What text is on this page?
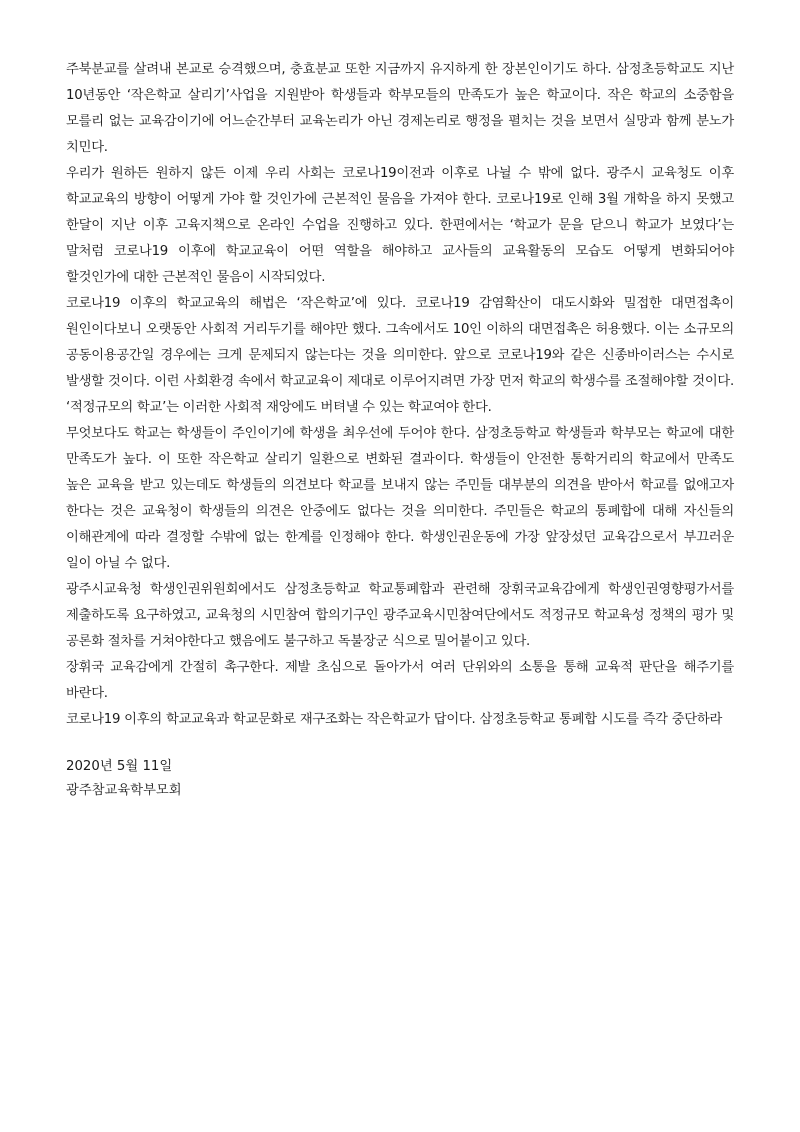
주북분교를 살려내 본교로 승격했으며, 충효분교 또한 지금까지 유지하게 한 장본인이기도 하다. 삼정초등학교도 지난 10년동안 ‘작은학교 살리기’사업을 지원받아 학생들과 학부모들의 만족도가 높은 학교이다. 작은 학교의 소중함을 모를리 없는 교육감이기에 어느순간부터 교육논리가 아닌 경제논리로 행정을 펼치는 것을 보면서 실망과 함께 분노가 치민다.

우리가 원하든 원하지 않든 이제 우리 사회는 코로나19이전과 이후로 나뉠 수 밖에 없다. 광주시 교육청도 이후 학교교육의 방향이 어떻게 가야 할 것인가에 근본적인 물음을 가져야 한다. 코로나19로 인해 3월 개학을 하지 못했고 한달이 지난 이후 고육지책으로 온라인 수업을 진행하고 있다. 한편에서는 ‘학교가 문을 닫으니 학교가 보였다’는 말처럼 코로나19 이후에 학교교육이 어떤 역할을 해야하고 교사들의 교육활동의 모습도 어떻게 변화되어야 할것인가에 대한 근본적인 물음이 시작되었다.

코로나19 이후의 학교교육의 해법은 ‘작은학교’에 있다. 코로나19 감염확산이 대도시화와 밀접한 대면접촉이 원인이다보니 오랫동안 사회적 거리두기를 해야만 했다. 그속에서도 10인 이하의 대면접촉은 허용했다. 이는 소규모의 공동이용공간일 경우에는 크게 문제되지 않는다는 것을 의미한다. 앞으로 코로나19와 같은 신종바이러스는 수시로 발생할 것이다. 이런 사회환경 속에서 학교교육이 제대로 이루어지려면 가장 먼저 학교의 학생수를 조절해야할 것이다. ‘적정규모의 학교’는 이러한 사회적 재앙에도 버텨낼 수 있는 학교여야 한다.

무엇보다도 학교는 학생들이 주인이기에 학생을 최우선에 두어야 한다. 삼정초등학교 학생들과 학부모는 학교에 대한 만족도가 높다. 이 또한 작은학교 살리기 일환으로 변화된 결과이다. 학생들이 안전한 통학거리의 학교에서 만족도 높은 교육을 받고 있는데도 학생들의 의견보다 학교를 보내지 않는 주민들 대부분의 의견을 받아서 학교를 없애고자 한다는 것은 교육청이 학생들의 의견은 안중에도 없다는 것을 의미한다. 주민들은 학교의 통폐합에 대해 자신들의 이해관계에 따라 결정할 수밖에 없는 한계를 인정해야 한다. 학생인권운동에 가장 앞장섰던 교육감으로서 부끄러운 일이 아닐 수 없다.

광주시교육청 학생인권위원회에서도 삼정초등학교 학교통폐합과 관련해 장휘국교육감에게 학생인권영향평가서를 제출하도록 요구하였고, 교육청의 시민참여 합의기구인 광주교육시민참여단에서도 적정규모 학교육성 정책의 평가 및 공론화 절차를 거쳐야한다고 했음에도 불구하고 독불장군 식으로 밀어붙이고 있다.

장휘국 교육감에게 간절히 촉구한다. 제발 초심으로 돌아가서 여러 단위와의 소통을 통해 교육적 판단을 해주기를 바란다.

코로나19 이후의 학교교육과 학교문화로 재구조화는 작은학교가 답이다. 삼정초등학교 통폐합 시도를 즉각 중단하라

2020년 5월 11일
광주참교육학부모회
